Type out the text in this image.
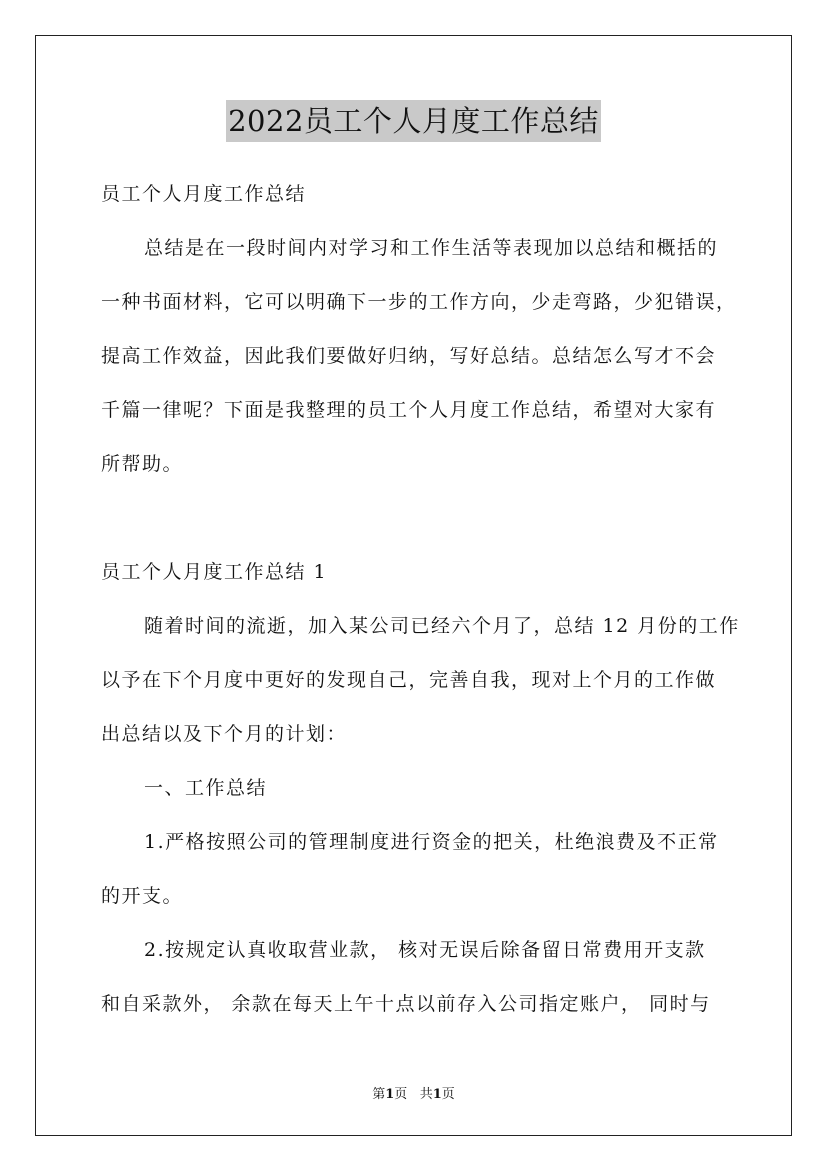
2022员工个人月度工作总结
员工个人月度工作总结
总结是在一段时间内对学习和工作生活等表现加以总结和概括的
一种书面材料，它可以明确下一步的工作方向，少走弯路，少犯错误，
提高工作效益，因此我们要做好归纳，写好总结。总结怎么写才不会
千篇一律呢？下面是我整理的员工个人月度工作总结，希望对大家有
所帮助。
员工个人月度工作总结 1
随着时间的流逝，加入某公司已经六个月了，总结 12 月份的工作
以予在下个月度中更好的发现自己，完善自我，现对上个月的工作做
出总结以及下个月的计划：
一、工作总结
1.严格按照公司的管理制度进行资金的把关，杜绝浪费及不正常
的开支。
2.按规定认真收取营业款， 核对无误后除备留日常费用开支款
和自采款外， 余款在每天上午十点以前存入公司指定账户， 同时与
第1页 共1页
